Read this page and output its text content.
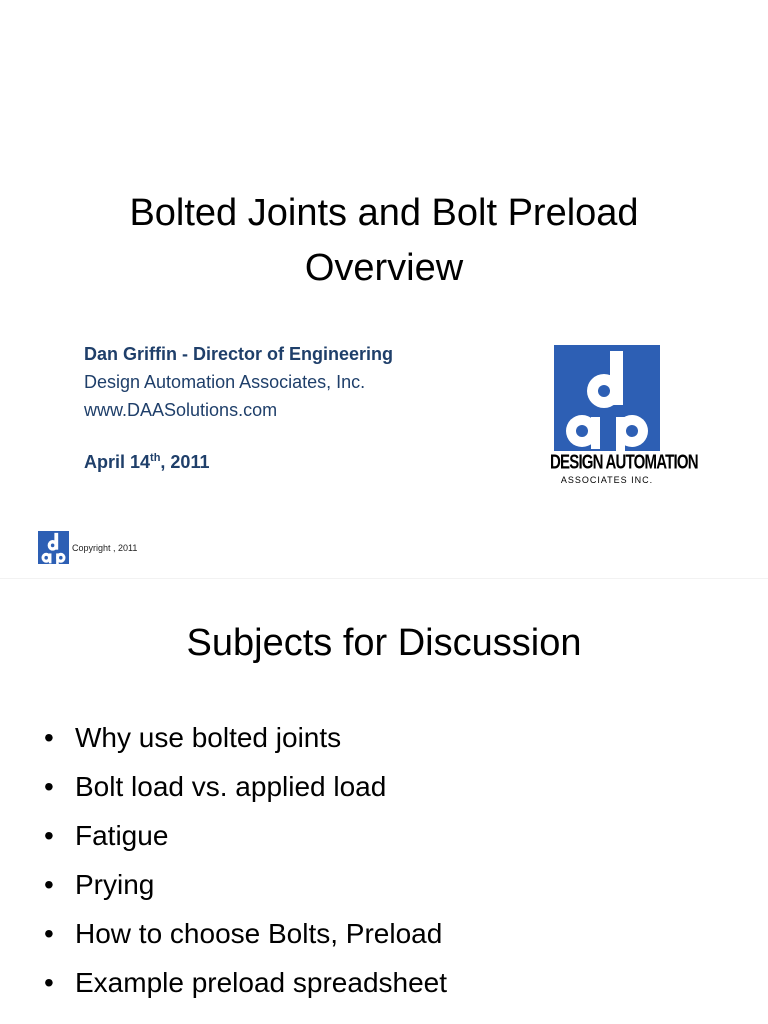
Bolted Joints and Bolt Preload
Overview

Dan Griffin - Director of Engineering

Design Automation Associates, Inc.

www.DAASolutions.com

April 14th, 2011	DESIGN AUTOMATION
ASSOCIATES INC.
Copyright , 2011
Subjects for Discussion
• Why use bolted joints
• Bolt load vs. applied load
• Fatigue
• Prying
• How to choose Bolts, Preload
• Example preload spreadsheet
